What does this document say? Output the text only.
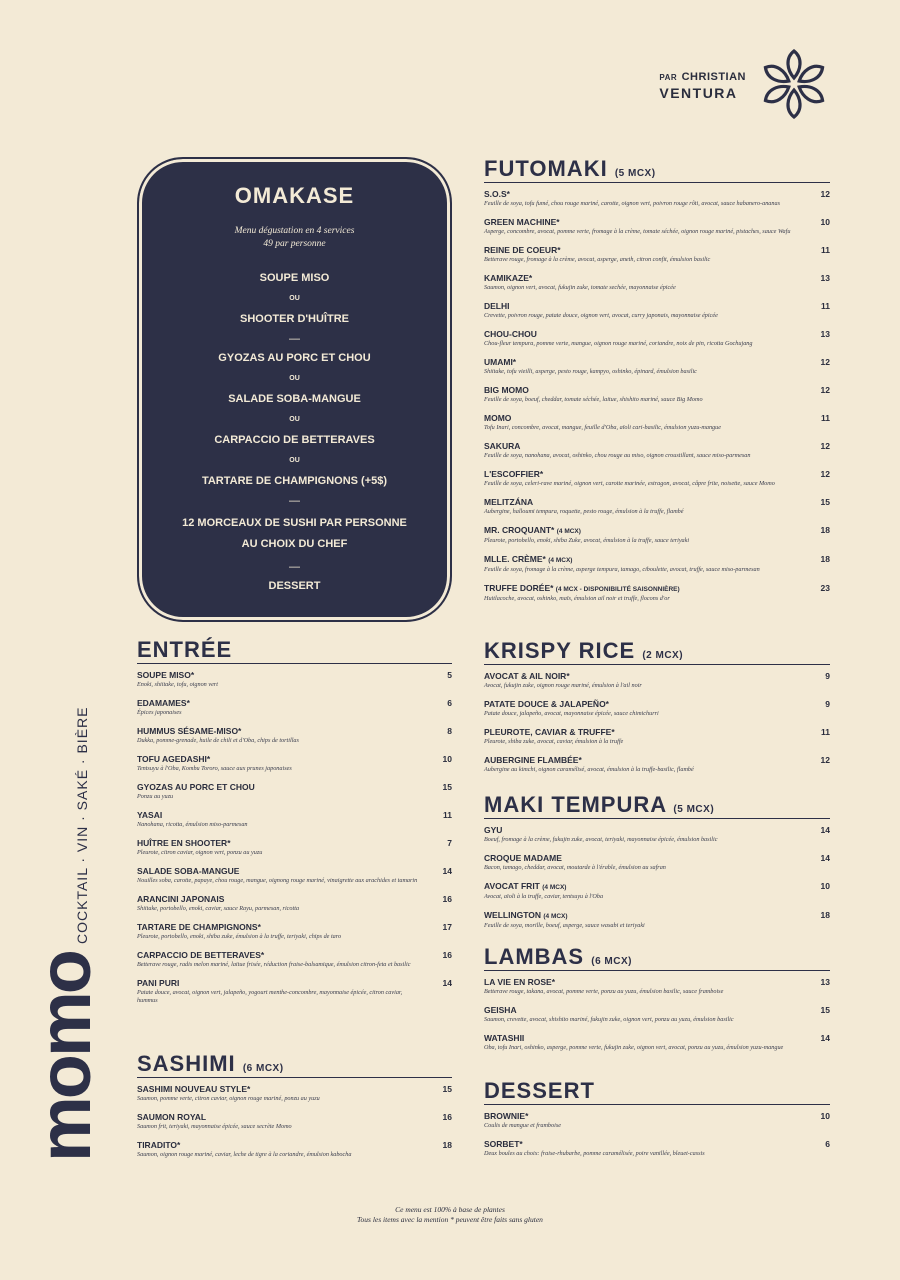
PAR CHRISTIAN
VENTURA
OMAKASE
Menu dégustation en 4 services
49 par personne
SOUPE MISO
OU
SHOOTER D'HUÎTRE
—
GYOZAS AU PORC ET CHOU
OU
SALADE SOBA-MANGUE
OU
CARPACCIO DE BETTERAVES
OU
TARTARE DE CHAMPIGNONS (+5$)
—
12 MORCEAUX DE SUSHI PAR PERSONNE AU CHOIX DU CHEF
—
DESSERT
ENTRÉE
SOUPE MISO*
Enoki, shiitake, tofu, oignon vert
5
EDAMAMES*
Épices japonaises
6
HUMMUS SÉSAME-MISO*
Dukka, pomme-grenade, huile de chili et d'Oba, chips de tortillas
8
TOFU AGEDASHI*
Tentsuyu à l'Oba, Kombu Tororo, sauce aux prunes japonaises
10
GYOZAS AU PORC ET CHOU
Ponzu au yuzu
15
YASAI
Nanohana, ricotta, émulsion miso-parmesan
11
HUÎTRE EN SHOOTER*
Pleurote, citron caviar, oignon vert, ponzu au yuzu
7
SALADE SOBA-MANGUE
Nouilles soba, carotte, papaye, chou rouge, mangue, oignong rouge mariné, vinaigrette aux arachides et tamarin
14
ARANCINI JAPONAIS
Shiitake, portobello, enoki, caviar, sauce Rayu, parmesan, ricotta
16
TARTARE DE CHAMPIGNONS*
Pleurote, portobello, enoki, shiba zuke, émulsion à la truffe, teriyaki, chips de taro
17
CARPACCIO DE BETTERAVES*
Betterave rouge, radis melon mariné, laitue frisée, réduction fraise-balsamique, émulsion citron-feta et basilic
16
PANI PURI
Patate douce, avocat, oignon vert, jalapeño, yogourt menthe-concombre, mayonnaise épicée, citron caviar, hummus
14
SASHIMI (6 MCX)
SASHIMI NOUVEAU STYLE*
Saumon, pomme verte, citron caviar, oignon rouge mariné, ponzu au yuzu
15
SAUMON ROYAL
Saumon frit, teriyaki, mayonnaise épicée, sauce secrète Momo
16
TIRADITO*
Saumon, oignon rouge mariné, caviar, leche de tigre à la coriandre, émulsion kabocha
18
FUTOMAKI (5 MCX)
S.O.S*
Feuille de soya, tofu fumé, chou rouge mariné, carotte, oignon vert, poivron rouge rôti, avocat, sauce habanero-ananas
12
GREEN MACHINE*
Asperge, concombre, avocat, pomme verte, fromage à la crème, tomate séchée, oignon rouge mariné, pistaches, sauce Wafu
10
REINE DE COEUR*
Betterave rouge, fromage à la crème, avocat, asperge, aneth, citron confit, émulsion basilic
11
KAMIKAZE*
Saumon, oignon vert, avocat, fukujin zuke, tomate sechée, mayonnaise épicée
13
DELHI
Crevette, poivron rouge, patate douce, oignon vert, avocat, curry japonais, mayonnaise épicée
11
CHOU-CHOU
Chou-fleur tempura, pomme verte, mangue, oignon rouge mariné, coriandre, noix de pin, ricotta Gochujang
13
UMAMI*
Shiitake, tofu vieilli, asperge, pesto rouge, kampyo, oshinko, épinard, émulsion basilic
12
BIG MOMO
Feuille de soya, boeuf, cheddar, tomate séchée, laitue, shishito mariné, sauce Big Momo
12
MOMO
Tofu Inari, concombre, avocat, mangue, feuille d'Oba, aïoli cari-basilic, émulsion yuzu-mangue
11
SAKURA
Feuille de soya, nanohana, avocat, oshinko, chou rouge au miso, oignon croustillant, sauce miso-parmesan
12
L'ESCOFFIER*
Feuille de soya, celeri-rave mariné, oignon vert, carotte marinée, estragon, avocat, câpre frite, noisette, sauce Momo
12
MELITZÁNA
Aubergine, halloumi tempura, roquette, pesto rouge, émulsion à la truffe, flambé
15
MR. CROQUANT* (4 MCX)
Pleurote, portobello, enoki, shiba Zuke, avocat, émulsion à la truffe, sauce teriyaki
18
MLLE. CRÈME* (4 MCX)
Feuille de soya, fromage à la crème, asperge tempura, tamago, ciboulette, avocat, truffe, sauce miso-parmesan
18
TRUFFE DORÉE* (4 MCX - DISPONIBILITÉ SAISONNIÈRE)
Huitlacoche, avocat, oshinko, maïs, émulsion ail noir et truffe, flocons d'or
23
KRISPY RICE (2 MCX)
AVOCAT & AIL NOIR*
Avocat, fukujin zuke, oignon rouge mariné, émulsion à l'ail noir
9
PATATE DOUCE & JALAPEÑO*
Patate douce, jalapeño, avocat, mayonnaise épicée, sauce chimichurri
9
PLEUROTE, CAVIAR & TRUFFE*
Pleurote, shiba zuke, avocat, caviar, émulsion à la truffe
11
AUBERGINE FLAMBÉE*
Aubergine au kimchi, oignon caramélisé, avocat, émulsion à la truffe-basilic, flambé
12
MAKI TEMPURA (5 MCX)
GYU
Boeuf, fromage à la crème, fukujin zuke, avocat, teriyaki, mayonnaise épicée, émulsion basilic
14
CROQUE MADAME
Bacon, tamago, cheddar, avocat, moutarde à l'érable, émulsion au safran
14
AVOCAT FRIT (4 MCX)
Avocat, aïoli à la truffe, caviar, tentsuyu à l'Oba
10
WELLINGTON (4 MCX)
Feuille de soya, morille, boeuf, asperge, sauce wasabi et teriyaki
18
LAMBAS (6 MCX)
LA VIE EN ROSE*
Betterave rouge, takana, avocat, pomme verte, ponzu au yuzu, émulsion basilic, sauce framboise
13
GEISHA
Saumon, crevette, avocat, shishito mariné, fukujin zuke, oignon vert, ponzu au yuzu, émulsion basilic
15
WATASHII
Oba, tofu Inari, oshinko, asperge, pomme verte, fukujin zuke, oignon vert, avocat, ponzu au yuzu, émulsion yuzu-mangue
14
DESSERT
BROWNIE*
Coulis de mangue et framboise
10
SORBET*
Deux boules au choix: fraise-rhubarbe, pomme caramélisée, poire vanillée, bleuet-cassis
6
momo
COCKTAIL · VIN · SAKÉ · BIÈRE
Ce menu est 100% à base de plantes
Tous les items avec la mention * peuvent être faits sans gluten
